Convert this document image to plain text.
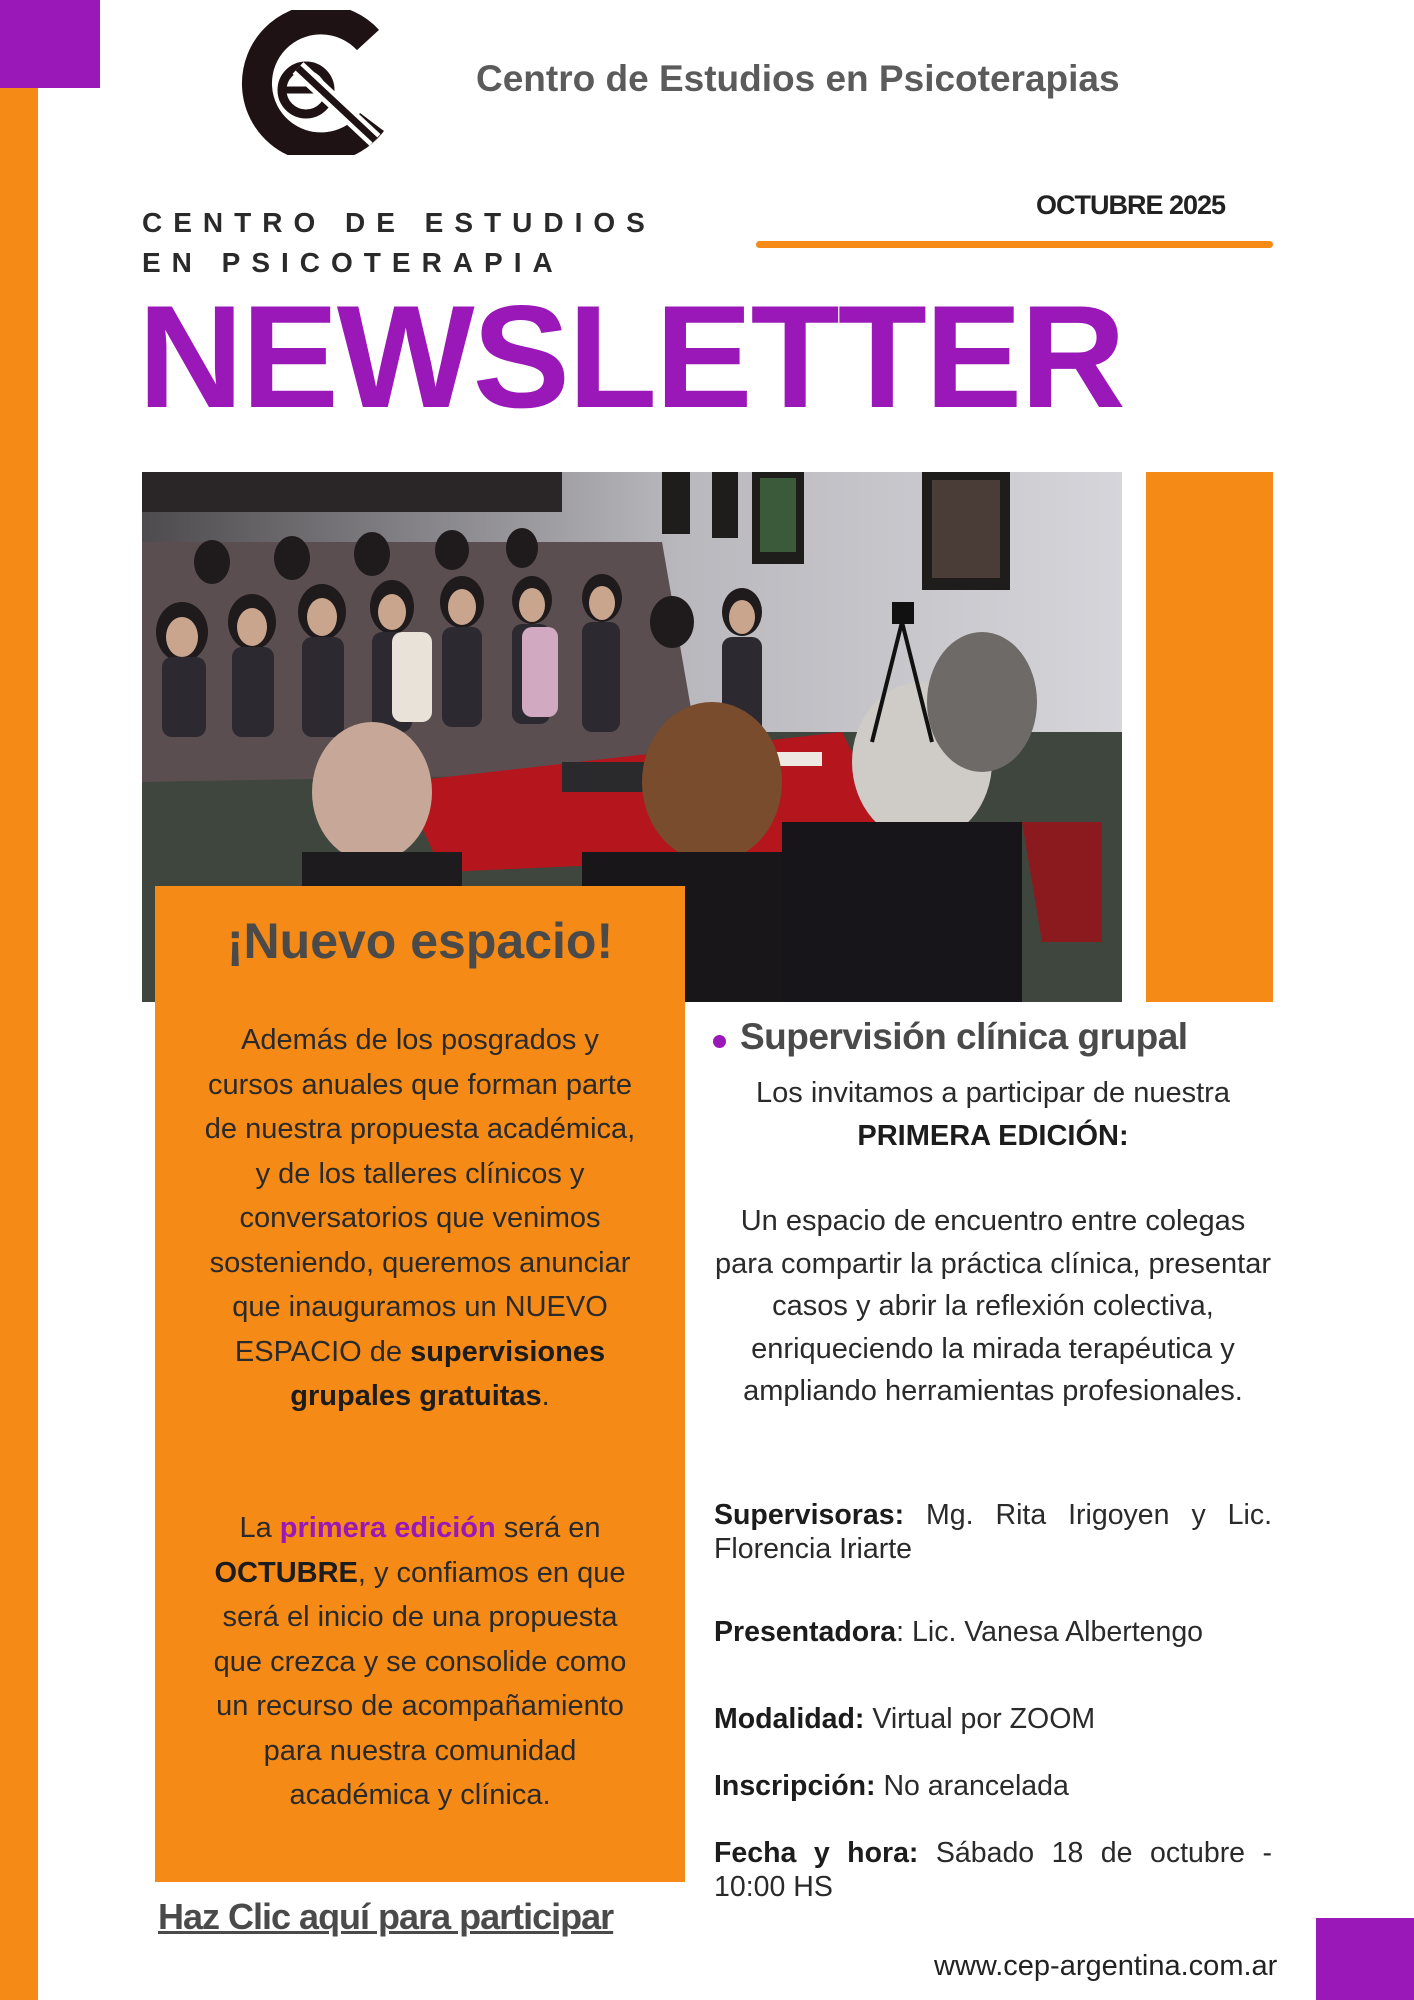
Centro de Estudios en Psicoterapias
CENTRO DE ESTUDIOS
EN PSICOTERAPIA
OCTUBRE 2025
NEWSLETTER
¡Nuevo espacio!
Además de los posgrados y cursos anuales que forman parte de nuestra propuesta académica, y de los talleres clínicos y conversatorios que venimos sosteniendo, queremos anunciar que inauguramos un NUEVO ESPACIO de supervisiones grupales gratuitas.
La primera edición será en OCTUBRE, y confiamos en que será el inicio de una propuesta que crezca y se consolide como un recurso de acompañamiento para nuestra comunidad académica y clínica.
Haz Clic aquí para participar
Supervisión clínica grupal
Los invitamos a participar de nuestra PRIMERA EDICIÓN:
Un espacio de encuentro entre colegas para compartir la práctica clínica, presentar casos y abrir la reflexión colectiva, enriqueciendo la mirada terapéutica y ampliando herramientas profesionales.
Supervisoras: Mg. Rita Irigoyen y Lic. Florencia Iriarte
Presentadora: Lic. Vanesa Albertengo
Modalidad: Virtual por ZOOM
Inscripción: No arancelada
Fecha y hora: Sábado 18 de octubre - 10:00 HS
www.cep-argentina.com.ar
